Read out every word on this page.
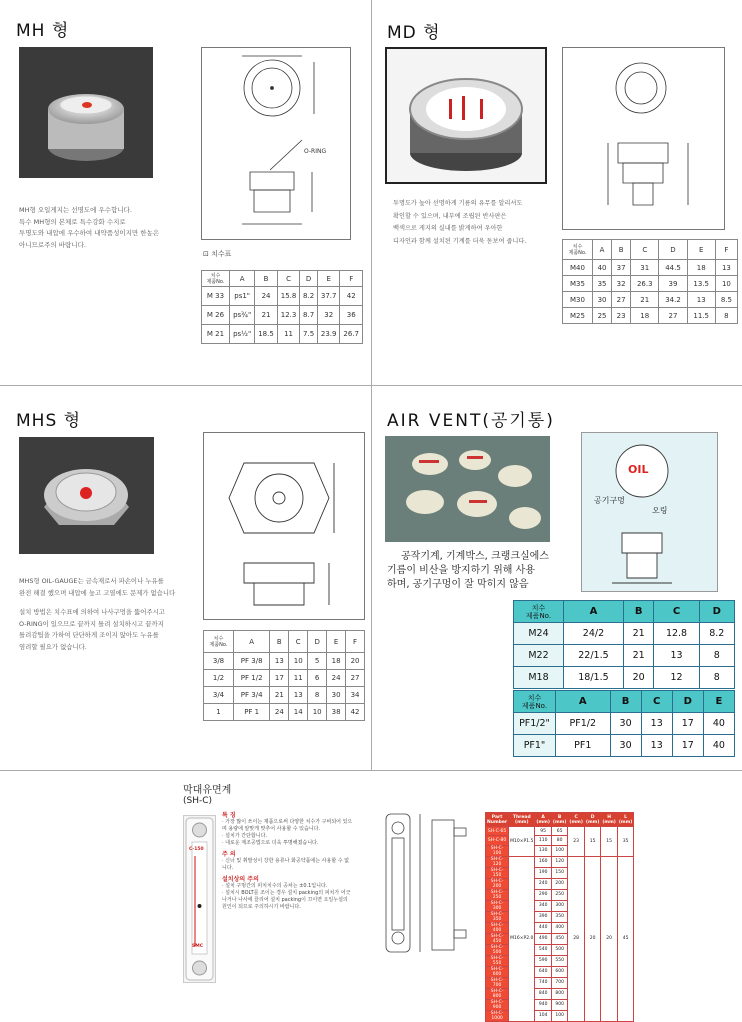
MH 형
O-RING
MH형 오일게지는 선명도에 우수합니다.
특수 MH형의 본체로 특수강화 수지로
투명도와 내압에 우수하여 내약품성이지만 한농은
아니므로주의 바랍니다.
⊡ 치수표
치수
제품No.	A	B	C	D	E	F
M 33	ps1"	24	15.8	8.2	37.7	42
M 26	ps¾"	21	12.3	8.7	32	36
M 21	ps½"	18.5	11	7.5	23.9	26.7
MD 형
투명도가 높아 선명하게 기름의 유무를 알리셔도
확인할 수 있으며, 내부에 조립된 반사판은
백색으로 게지의 실내를 밝게하여 우아한
디자인과 함께 설치된 기계를 더욱 돋보여 줍니다.
치수
제품No.	A	B	C	D	E	F
M40	40	37	31	44.5	18	13
M35	35	32	26.3	39	13.5	10
M30	30	27	21	34.2	13	8.5
M25	25	23	18	27	11.5	8
MHS 형
MHS형 OIL-GAUGE는 금속재로서 파손이나 누유를
완전 해결 했으며 내압에 높고 고열에도 문제가 없습니다
설치 방법은 치수표에 의하여 나사구멍을 뚫어주시고
O-RING이 있으므로 끝까지 틀려 설치하시고 끝까지
틀려감팁을 가하여 단단하게 조이지 않아도 누유를
염려할 필요가 없습니다.
치수
제품No.	A	B	C	D	E	F
3/8	PF 3/8	13	10	5	18	20
1/2	PF 1/2	17	11	6	24	27
3/4	PF 3/4	21	13	8	30	34
1	PF 1	24	14	10	38	42
AIR VENT(공기통)
OIL
공기구멍
오링
공작기계, 기계박스, 크랭크실에스
기름이 비산을 방지하기 위해 사용
하며, 공기구멍이 잘 막히지 않음
치수
제품No.	A	B	C	D
M24	24/2	21	12.8	8.2
M22	22/1.5	21	13	8
M18	18/1.5	20	12	8
치수
제품No.	A	B	C	D	E
PF1/2"	PF1/2	30	13	17	40
PF1"	PF1	30	13	17	40
막대유면계
(SH-C)
C-150
SMC
특 징
· 가장 많이 쓰이는 제품으로써 다양한 치수가 구비되어 있으
며 용량에 알맞게 맞추어 사용할 수 있습니다.
· 설치가 간단합니다.
· 내로운 제조공법으로 더욱 투명해졌습니다.
주 의
· 신너 및 휘발성이 강한 용류나 화공약품에는 사용할 수 없
니다.
설치상의 주의
· 설치 구멍간의 피치치수의 공차는 ±0.1입니다.
· 설치시 BOLT를 조이는 경우 설치 packing의 피치가 어긋
나거나 나사에 끌리어 설치 packing이 끄이면 오일누설의
원인이 되므로 주의하시기 바랍니다.
Part Number	Thread (mm)	A (mm)	B (mm)	C (mm)	D (mm)	H (mm)	L (mm)
SH-C-65	M10×P1.5	95	65	23	15	15	35
SH-C-80		110	80				
SH-C-100		130	100				
SH-C-120	M16×P2.0	160	120	28	20	20	45
SH-C-150		190	150				
SH-C-200		240	200				
SH-C-250		290	250				
SH-C-300		340	300				
SH-C-350		390	350				
SH-C-400		440	400				
SH-C-450		490	450				
SH-C-500		540	500				
SH-C-550		590	550				
SH-C-600		640	600				
SH-C-700		740	700				
SH-C-800		840	800				
SH-C-900		940	900				
SH-C-1000		104	100				
